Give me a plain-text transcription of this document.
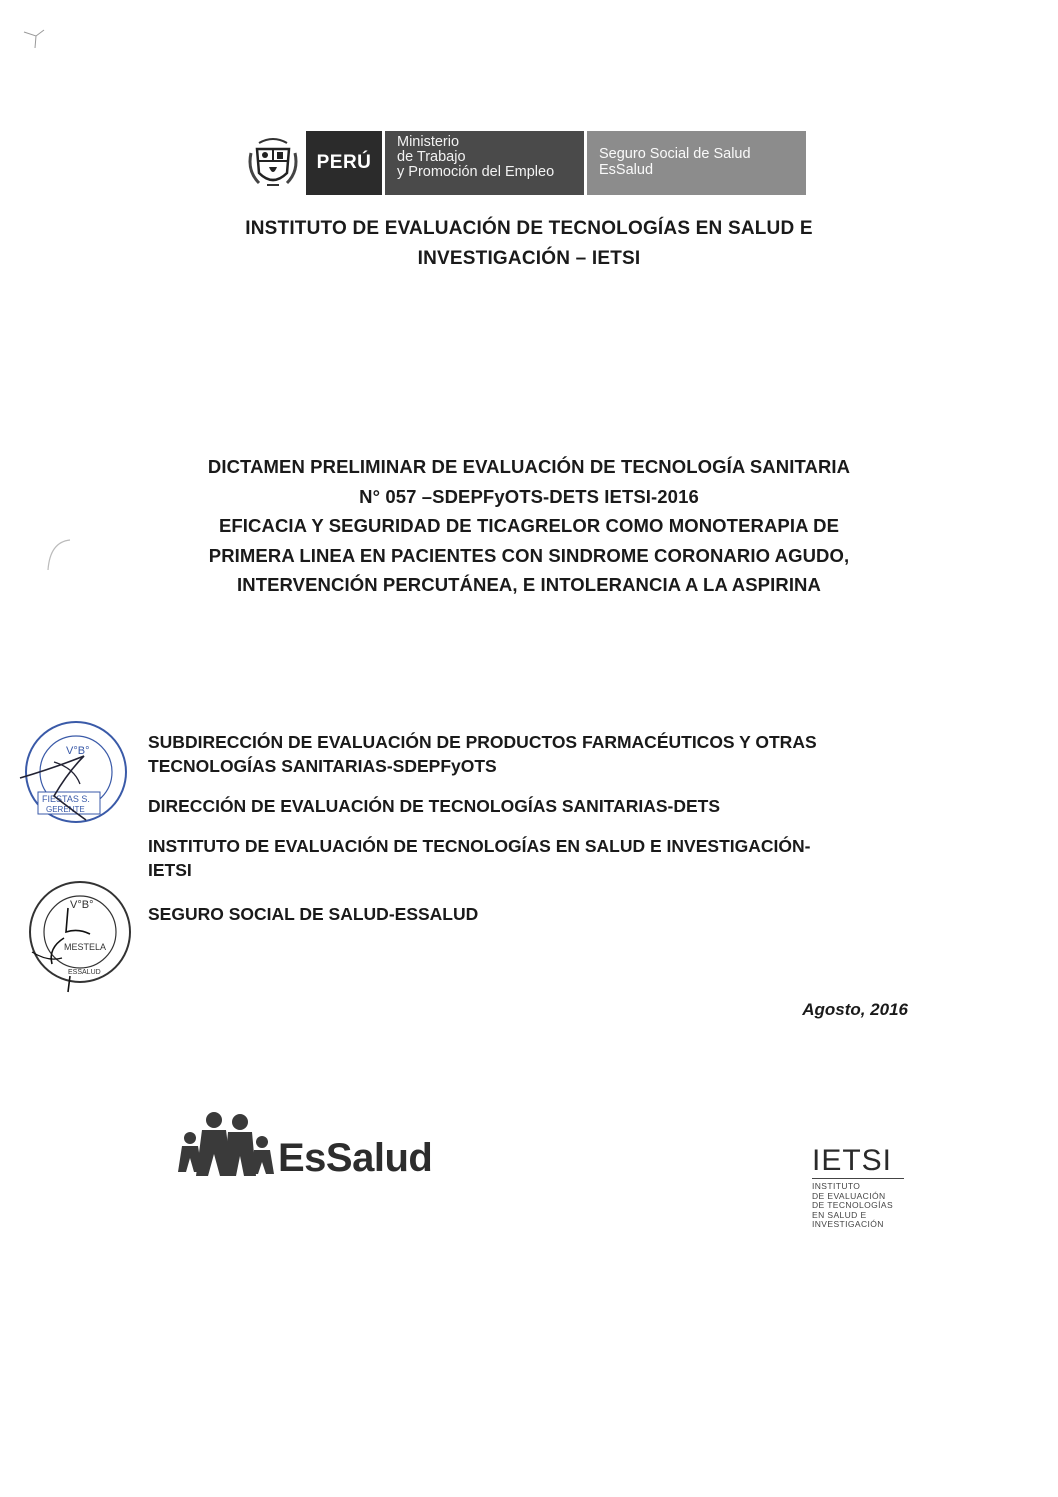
PERÚ
Ministerio
de Trabajo
y Promoción del Empleo
Seguro Social de Salud
EsSalud
INSTITUTO DE EVALUACIÓN DE TECNOLOGÍAS EN SALUD E
INVESTIGACIÓN – IETSI
DICTAMEN PRELIMINAR DE EVALUACIÓN DE TECNOLOGÍA SANITARIA
N° 057 –SDEPFyOTS-DETS IETSI-2016
EFICACIA Y SEGURIDAD DE TICAGRELOR COMO MONOTERAPIA DE
PRIMERA LINEA EN PACIENTES CON SINDROME CORONARIO AGUDO,
INTERVENCIÓN PERCUTÁNEA, E INTOLERANCIA A LA ASPIRINA
V°B°
FIESTAS S.
GERENTE
V°B°
MESTELA
ESSALUD
SUBDIRECCIÓN DE EVALUACIÓN DE PRODUCTOS FARMACÉUTICOS Y OTRAS
TECNOLOGÍAS SANITARIAS-SDEPFyOTS
DIRECCIÓN DE EVALUACIÓN DE TECNOLOGÍAS SANITARIAS-DETS
INSTITUTO DE EVALUACIÓN DE TECNOLOGÍAS EN SALUD E INVESTIGACIÓN-
IETSI
SEGURO SOCIAL DE SALUD-ESSALUD
Agosto, 2016
EsSalud	IETSI
INSTITUTO
DE EVALUACIÓN
DE TECNOLOGÍAS
EN SALUD E
INVESTIGACIÓN
